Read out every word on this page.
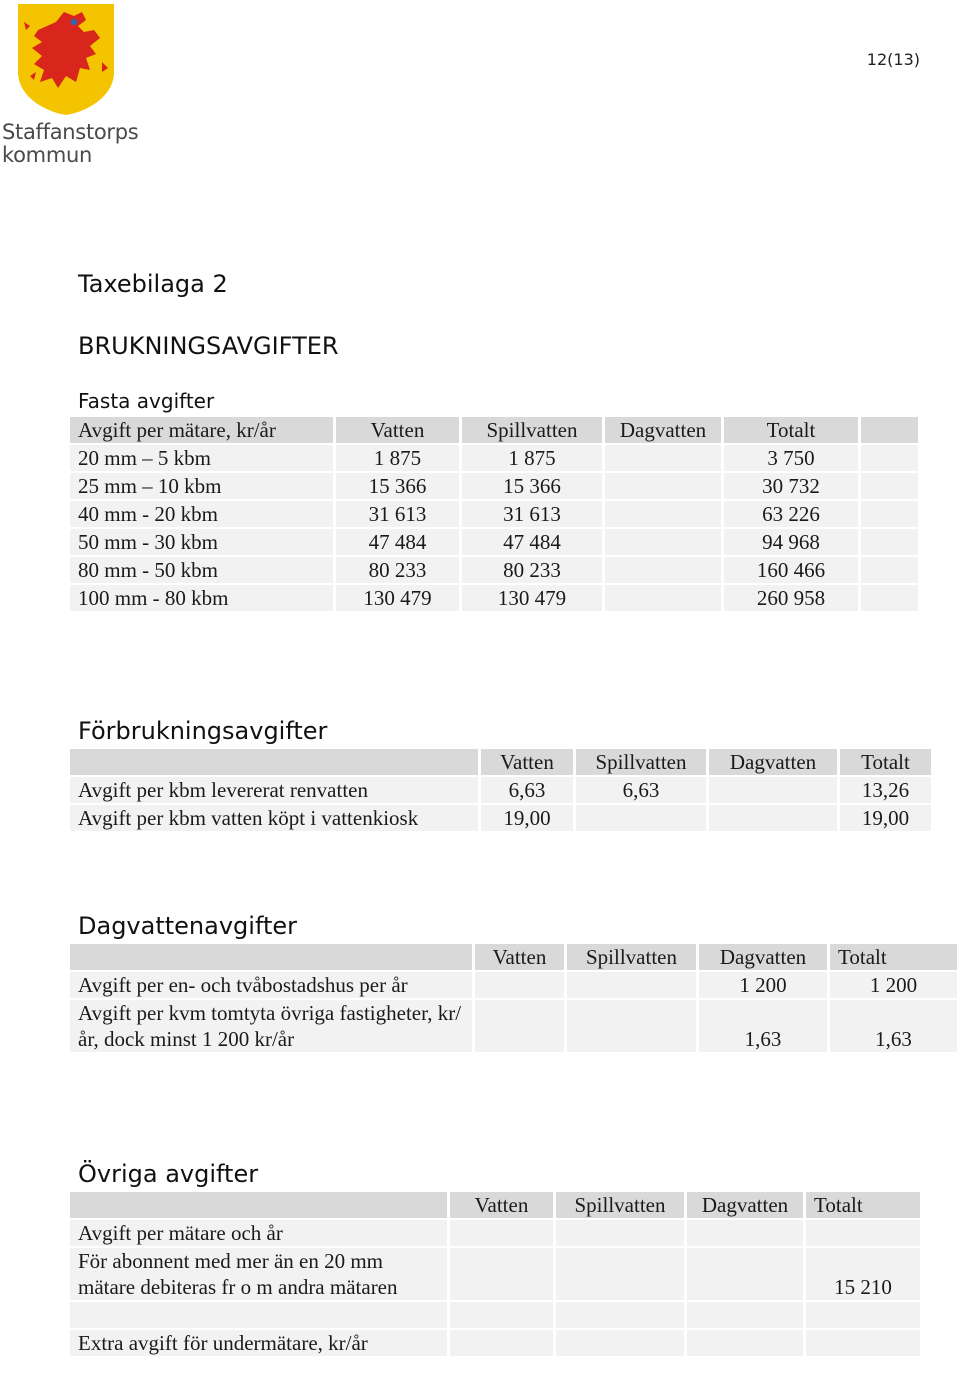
Staffanstorps
kommun
12(13)
Taxebilaga 2
BRUKNINGSAVGIFTER
Fasta avgifter
Avgift per mätare, kr/år	Vatten	Spillvatten	Dagvatten	Totalt	
20 mm – 5 kbm	1 875	1 875		3 750	
25 mm – 10 kbm	15 366	15 366		30 732	
40 mm - 20 kbm	31 613	31 613		63 226	
50 mm - 30 kbm	47 484	47 484		94 968	
80 mm - 50 kbm	80 233	80 233		160 466	
100 mm - 80 kbm	130 479	130 479		260 958	
Förbrukningsavgifter
	Vatten	Spillvatten	Dagvatten	Totalt
Avgift per kbm levererat renvatten	6,63	6,63		13,26
Avgift per kbm vatten köpt i vattenkiosk	19,00			19,00
Dagvattenavgifter
	Vatten	Spillvatten	Dagvatten	Totalt
Avgift per en- och tvåbostadshus per år			1 200	1 200
Avgift per kvm tomtyta övriga fastigheter, kr/år, dock minst 1 200 kr/år			1,63	1,63
Övriga avgifter
	Vatten	Spillvatten	Dagvatten	Totalt
Avgift per mätare och år				
För abonnent med mer än en 20 mm mätare debiteras fr o m andra mätaren				15 210

Extra avgift för undermätare, kr/år				
